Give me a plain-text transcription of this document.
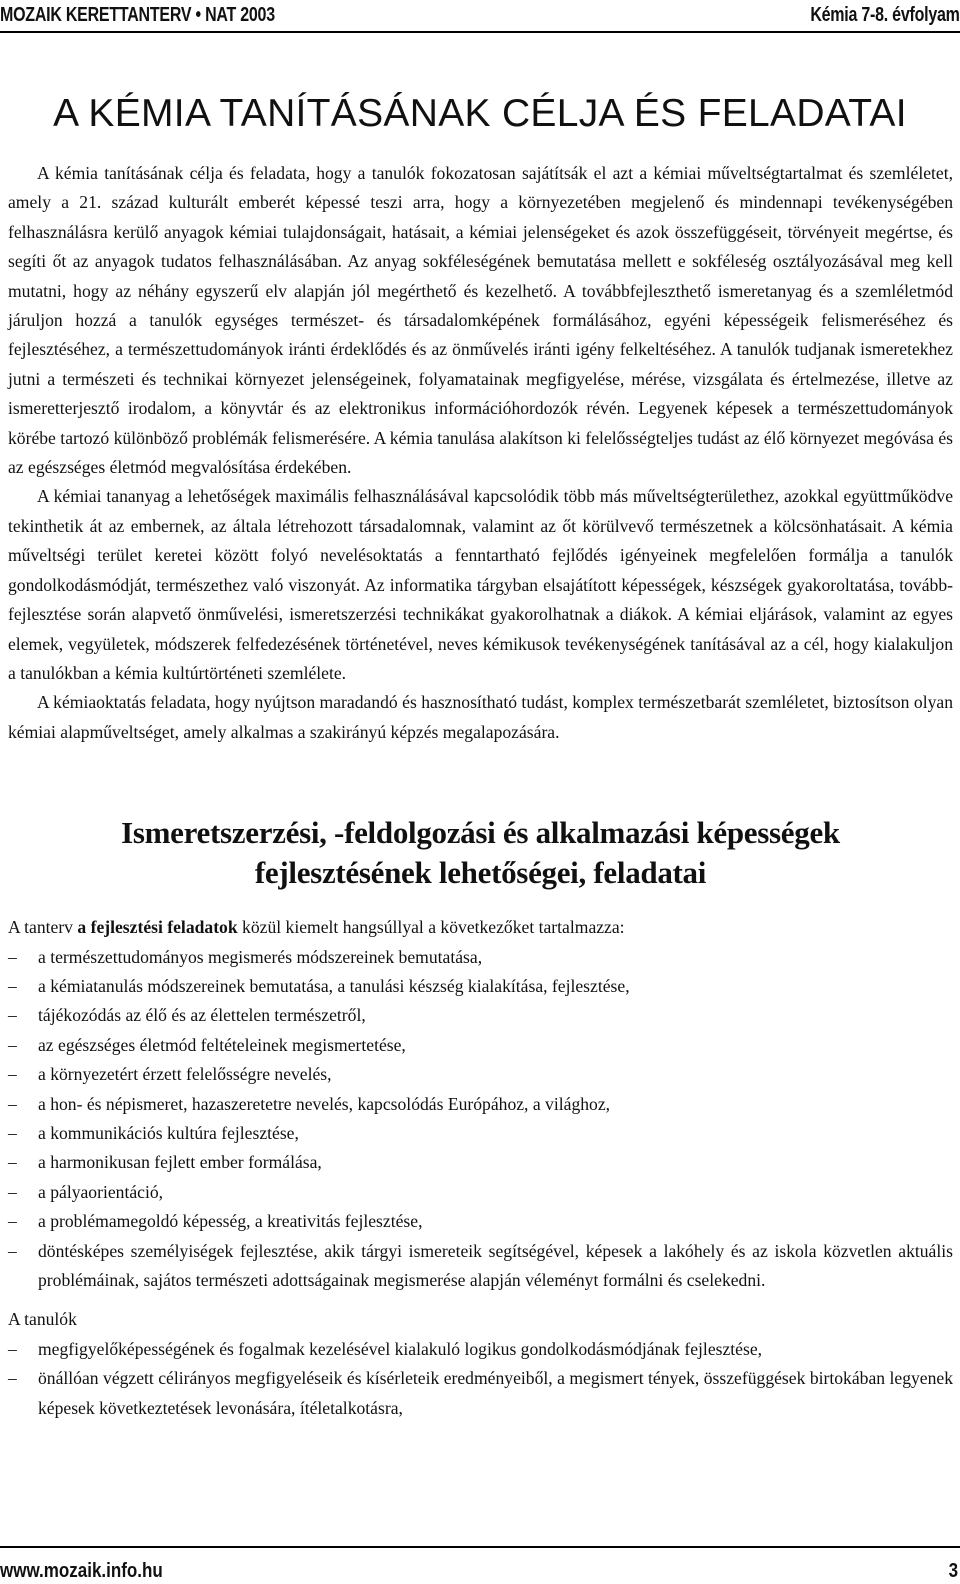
MOZAIK KERETTANTERV • NAT 2003	Kémia 7-8. évfolyam
A KÉMIA TANÍTÁSÁNAK CÉLJA ÉS FELADATAI

A kémia tanításának célja és feladata, hogy a tanulók fokozatosan sajátítsák el azt a kémiai műveltségtartalmat és szemléletet, amely a 21. század kulturált emberét képessé teszi arra, hogy a környezetében megjelenő és mindennapi tevékenységében felhasználásra kerülő anyagok kémiai tulajdonságait, hatásait, a kémiai jelenségeket és azok összefüggéseit, törvényeit megértse, és segíti őt az anyagok tudatos felhasználásában. Az anyag sokféleségének bemutatása mellett e sokféleség osztályozásával meg kell mutatni, hogy az néhány egyszerű elv alapján jól megérthető és kezelhető. A továbbfejleszthető ismeretanyag és a szemléletmód járuljon hozzá a tanulók egységes természet- és társadalomképének formálásához, egyéni képességeik felismeréséhez és fejlesztéséhez, a természettudományok iránti érdeklődés és az önművelés iránti igény felkeltéséhez. A tanulók tudjanak ismeretekhez jutni a természeti és technikai környezet jelenségeinek, folyamatainak megfigyelése, mérése, vizsgálata és értelmezése, illetve az ismeretterjesztő irodalom, a könyvtár és az elektronikus információhordozók révén. Legyenek képesek a természettudományok körébe tartozó különböző problémák felismerésére. A kémia tanulása alakítson ki felelősségteljes tudást az élő környezet megóvása és az egészséges életmód megvalósítása érdekében.

A kémiai tananyag a lehetőségek maximális felhasználásával kapcsolódik több más műveltségterülethez, azokkal együttműködve tekinthetik át az embernek, az általa létrehozott társadalomnak, valamint az őt körülvevő természetnek a kölcsönhatásait. A kémia műveltségi terület keretei között folyó nevelésoktatás a fenntartható fejlődés igényeinek megfelelően formálja a tanulók gondolkodásmódját, természethez való viszonyát. Az informatika tárgyban elsajátított képességek, készségek gyakoroltatása, továbbfejlesztése során alapvető önművelési, ismeretszerzési technikákat gyakorolhatnak a diákok. A kémiai eljárások, valamint az egyes elemek, vegyületek, módszerek felfedezésének történetével, neves kémikusok tevékenységének tanításával az a cél, hogy kialakuljon a tanulókban a kémia kultúrtörténeti szemlélete.

A kémiaoktatás feladata, hogy nyújtson maradandó és hasznosítható tudást, komplex természetbarát szemléletet, biztosítson olyan kémiai alapműveltséget, amely alkalmas a szakirányú képzés megalapozására.

Ismeretszerzési, -feldolgozási és alkalmazási képességek
fejlesztésének lehetőségei, feladatai

A tanterv a fejlesztési feladatok közül kiemelt hangsúllyal a következőket tartalmazza:

– a természettudományos megismerés módszereinek bemutatása,
– a kémiatanulás módszereinek bemutatása, a tanulási készség kialakítása, fejlesztése,
– tájékozódás az élő és az élettelen természetről,
– az egészséges életmód feltételeinek megismertetése,
– a környezetért érzett felelősségre nevelés,
– a hon- és népismeret, hazaszeretetre nevelés, kapcsolódás Európához, a világhoz,
– a kommunikációs kultúra fejlesztése,
– a harmonikusan fejlett ember formálása,
– a pályaorientáció,
– a problémamegoldó képesség, a kreativitás fejlesztése,
– döntésképes személyiségek fejlesztése, akik tárgyi ismereteik segítségével, képesek a lakóhely és az iskola közvetlen aktuális problémáinak, sajátos természeti adottságainak megismerése alapján véleményt formálni és cselekedni.

A tanulók

– megfigyelőképességének és fogalmak kezelésével kialakuló logikus gondolkodásmódjának fejlesztése,
– önállóan végzett célirányos megfigyeléseik és kísérleteik eredményeiből, a megismert tények, összefüggések birtokában legyenek képesek következtetések levonására, ítéletalkotásra,
www.mozaik.info.hu	3
